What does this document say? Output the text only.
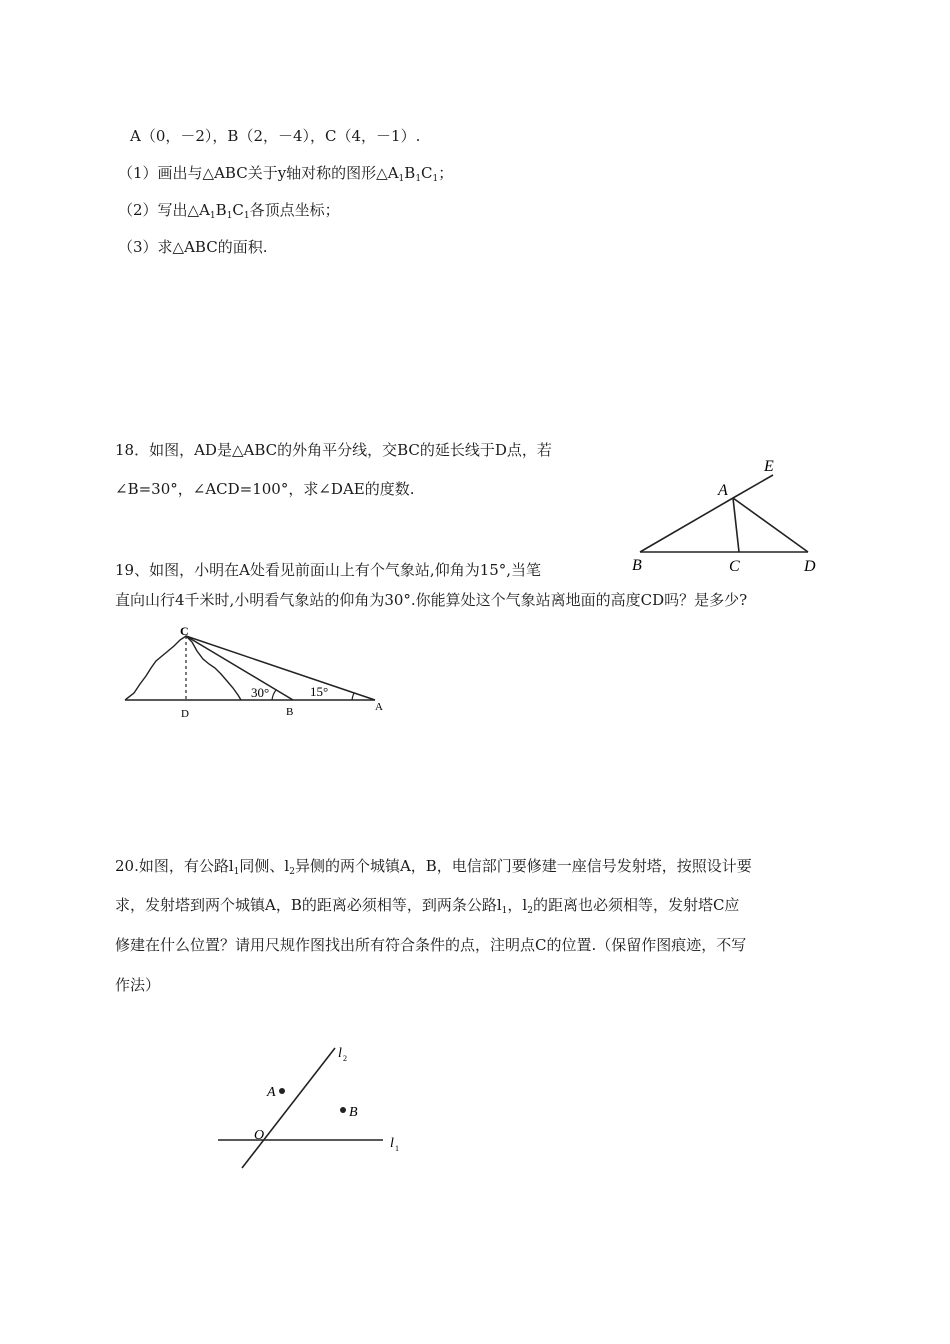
A（0，－2），B（2，－4），C（4，－1）.
（1）画出与△ABC关于y轴对称的图形$\triangle A_1B_1C_1$；
（2）写出$\triangle A_1B_1C_1$各顶点坐标；
（3）求△ABC的面积.
18．如图，AD是△ABC的外角平分线，交BC的延长线于D点，若
∠B=30°，∠ACD=100°，求∠DAE的度数.
E
A
B	C	D
19、如图，小明在A处看见前面山上有个气象站,仰角为15°,当笔
直向山行4千米时,小明看气象站的仰角为30°.你能算处这个气象站离地面的高度CD吗？是多少?
C
D	B	A
30°	15°
20.如图，有公路$l_1$同侧、$l_2$异侧的两个城镇A，B，电信部门要修建一座信号发射塔，按照设计要
求，发射塔到两个城镇A，B的距离必须相等，到两条公路$l_1$，$l_2$的距离也必须相等，发射塔C应
修建在什么位置？请用尺规作图找出所有符合条件的点，注明点C的位置.（保留作图痕迹，不写
作法）
A
B
O
l 1
l 2
